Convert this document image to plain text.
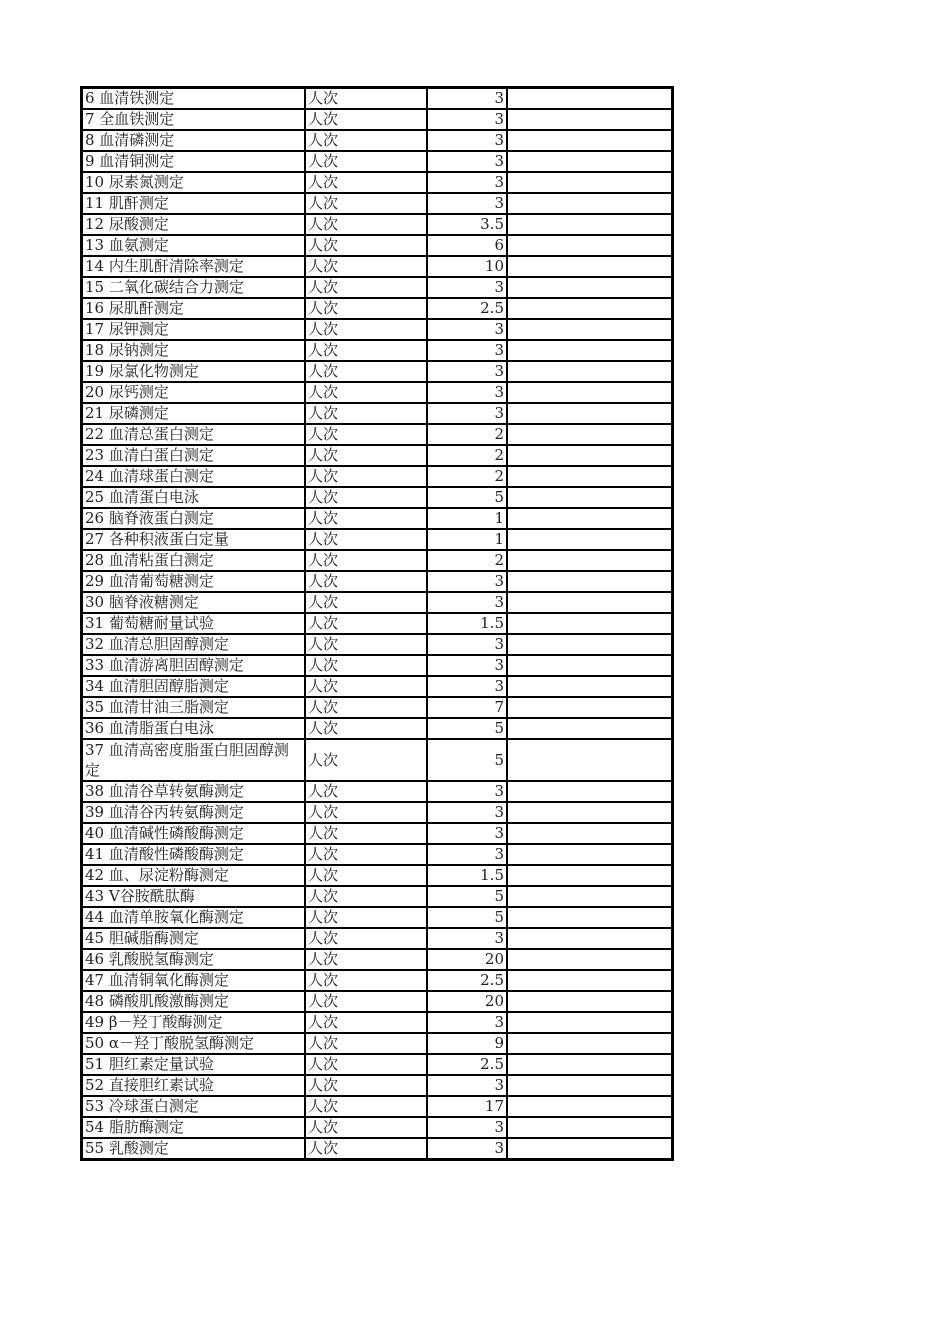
6 血清铁测定	人次	3	
7 全血铁测定	人次	3	
8 血清磷测定	人次	3	
9 血清铜测定	人次	3	
10 尿素氮测定	人次	3	
11 肌酐测定	人次	3	
12 尿酸测定	人次	3.5	
13 血氨测定	人次	6	
14 内生肌酐清除率测定	人次	10	
15 二氧化碳结合力测定	人次	3	
16 尿肌酐测定	人次	2.5	
17 尿钾测定	人次	3	
18 尿钠测定	人次	3	
19 尿氯化物测定	人次	3	
20 尿钙测定	人次	3	
21 尿磷测定	人次	3	
22 血清总蛋白测定	人次	2	
23 血清白蛋白测定	人次	2	
24 血清球蛋白测定	人次	2	
25 血清蛋白电泳	人次	5	
26 脑脊液蛋白测定	人次	1	
27 各种积液蛋白定量	人次	1	
28 血清粘蛋白测定	人次	2	
29 血清葡萄糖测定	人次	3	
30 脑脊液糖测定	人次	3	
31 葡萄糖耐量试验	人次	1.5	
32 血清总胆固醇测定	人次	3	
33 血清游离胆固醇测定	人次	3	
34 血清胆固醇脂测定	人次	3	
35 血清甘油三脂测定	人次	7	
36 血清脂蛋白电泳	人次	5	
37 血清高密度脂蛋白胆固醇测定	人次	5	
38 血清谷草转氨酶测定	人次	3	
39 血清谷丙转氨酶测定	人次	3	
40 血清碱性磷酸酶测定	人次	3	
41 血清酸性磷酸酶测定	人次	3	
42 血、尿淀粉酶测定	人次	1.5	
43 V谷胺酰肽酶	人次	5	
44 血清单胺氧化酶测定	人次	5	
45 胆碱脂酶测定	人次	3	
46 乳酸脱氢酶测定	人次	20	
47 血清铜氧化酶测定	人次	2.5	
48 磷酸肌酸激酶测定	人次	20	
49 β－羟丁酸酶测定	人次	3	
50 α－羟丁酸脱氢酶测定	人次	9	
51 胆红素定量试验	人次	2.5	
52 直接胆红素试验	人次	3	
53 冷球蛋白测定	人次	17	
54 脂肪酶测定	人次	3	
55 乳酸测定	人次	3	
